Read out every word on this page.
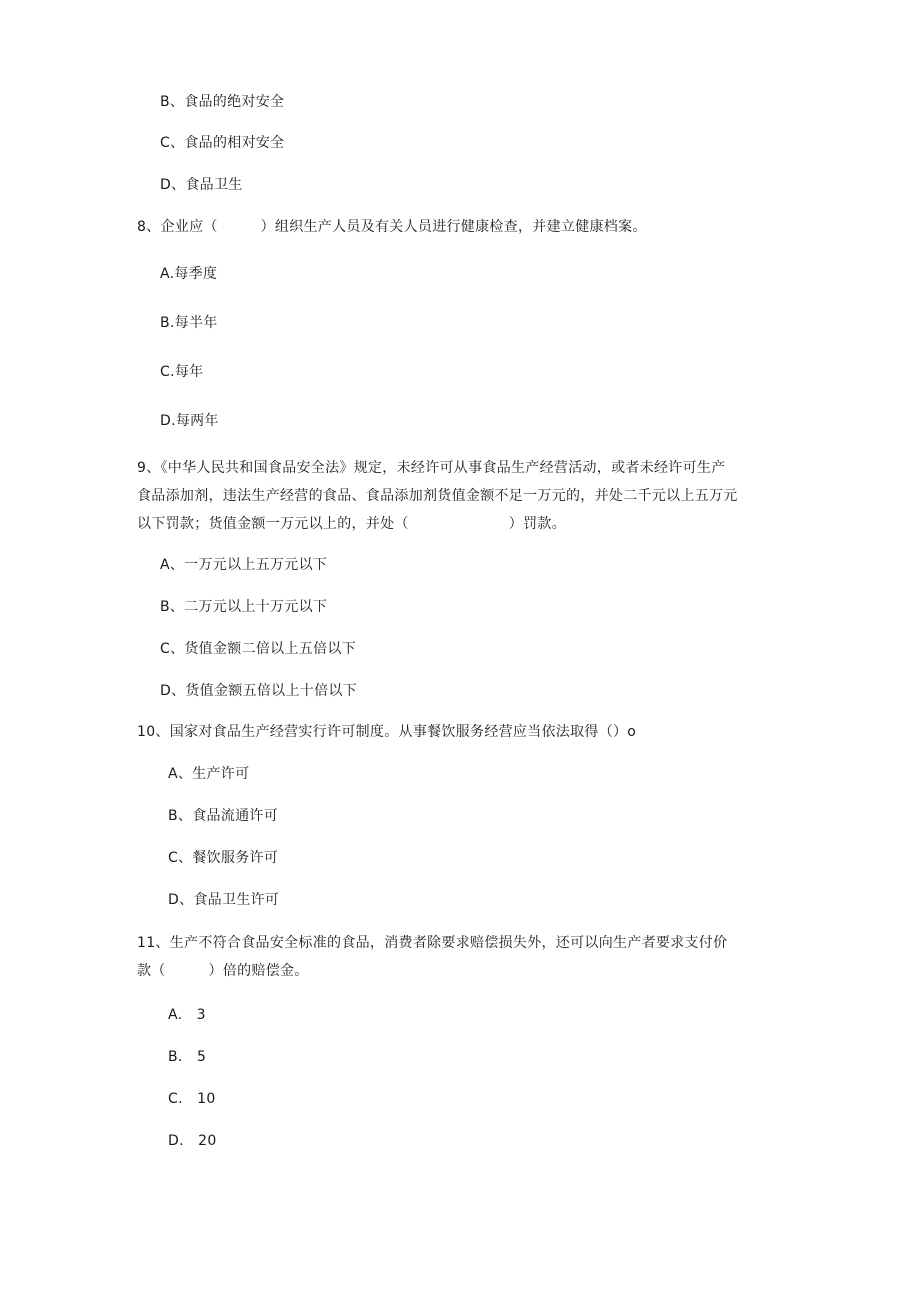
B、食品的绝对安全
C、食品的相对安全
D、食品卫生
8、企业应（　　　）组织生产人员及有关人员进行健康检查，并建立健康档案。
A.每季度
B.每半年
C.每年
D.每两年
9、《中华人民共和国食品安全法》规定，未经许可从事食品生产经营活动，或者未经许可生产
食品添加剂，违法生产经营的食品、食品添加剂货值金额不足一万元的，并处二千元以上五万元
以下罚款；货值金额一万元以上的，并处（　　　　　　　）罚款。
A、一万元以上五万元以下
B、二万元以上十万元以下
C、货值金额二倍以上五倍以下
D、货值金额五倍以上十倍以下
10、国家对食品生产经营实行许可制度。从事餐饮服务经营应当依法取得（）o
A、生产许可
B、食品流通许可
C、餐饮服务许可
D、食品卫生许可
11、生产不符合食品安全标准的食品，消费者除要求赔偿损失外，还可以向生产者要求支付价
款（　　　）倍的赔偿金。
A.　3
B.　5
C.　10
D.　20
